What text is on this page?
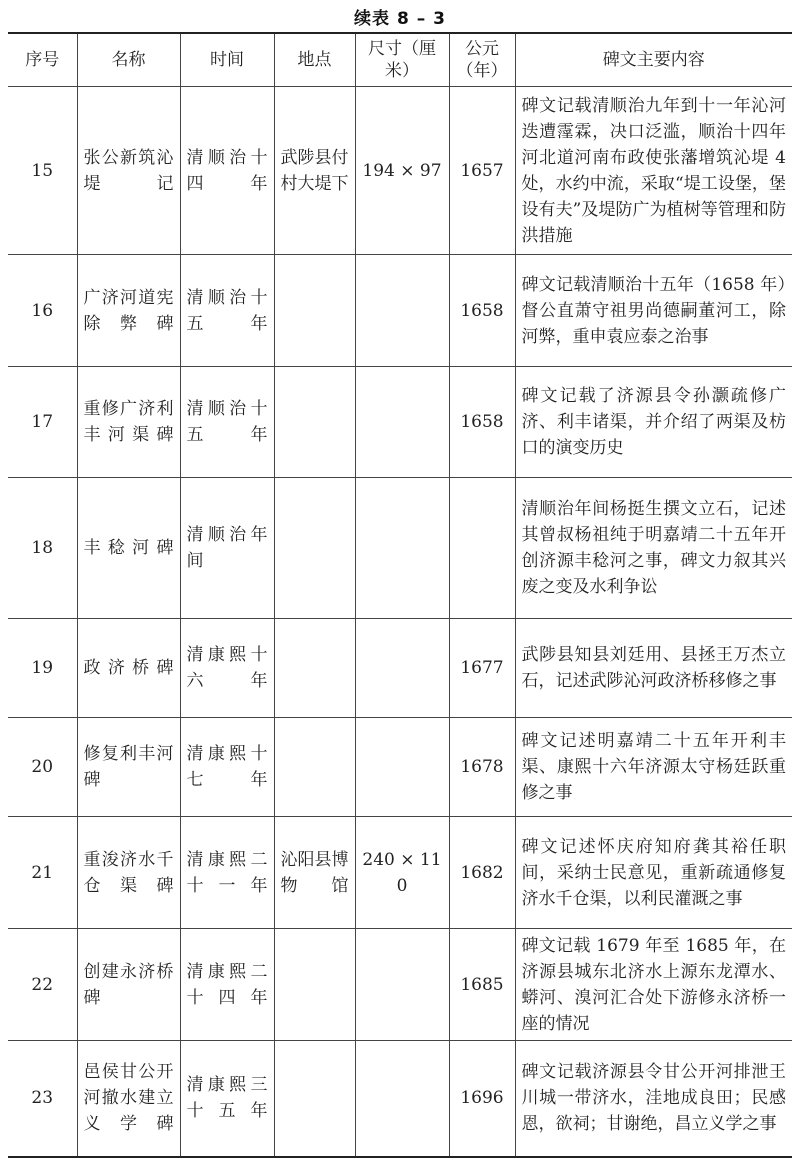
续表 8 – 3
序号	名称	时间	地点	尺寸（厘米）	公元（年）	碑文主要内容
15	张公新筑沁堤记	清顺治十四年	武陟县付村大堤下	194 × 97	1657	碑文记载清顺治九年到十一年沁河迭遭霪霖，决口泛滥，顺治十四年河北道河南布政使张藩增筑沁堤 4 处，水约中流，采取“堤工设堡，堡设有夫”及堤防广为植树等管理和防洪措施
16	广济河道宪除弊碑	清顺治十五年			1658	碑文记载清顺治十五年（1658 年）督公直萧守祖男尚德嗣董河工，除河弊，重申袁应泰之治事
17	重修广济利丰河渠碑	清顺治十五年			1658	碑文记载了济源县令孙灏疏修广济、利丰诸渠，并介绍了两渠及枋口的演变历史
18	丰稔河碑	清顺治年间				清顺治年间杨挺生撰文立石，记述其曾叔杨祖纯于明嘉靖二十五年开创济源丰稔河之事，碑文力叙其兴废之变及水利争讼
19	政济桥碑	清康熙十六年			1677	武陟县知县刘廷用、县拯王万杰立石，记述武陟沁河政济桥移修之事
20	修复利丰河碑	清康熙十七年			1678	碑文记述明嘉靖二十五年开利丰渠、康熙十六年济源太守杨廷跃重修之事
21	重浚济水千仓渠碑	清康熙二十一年	沁阳县博物馆	240 × 110	1682	碑文记述怀庆府知府龚其裕任职间，采纳士民意见，重新疏通修复济水千仓渠，以利民灌溉之事
22	创建永济桥碑	清康熙二十四年			1685	碑文记载 1679 年至 1685 年，在济源县城东北济水上源东龙潭水、蟒河、溴河汇合处下游修永济桥一座的情况
23	邑侯甘公开河撤水建立义学碑	清康熙三十五年			1696	碑文记载济源县令甘公开河排泄王川城一带济水，洼地成良田；民感恩，欲祠；甘谢绝，昌立义学之事
